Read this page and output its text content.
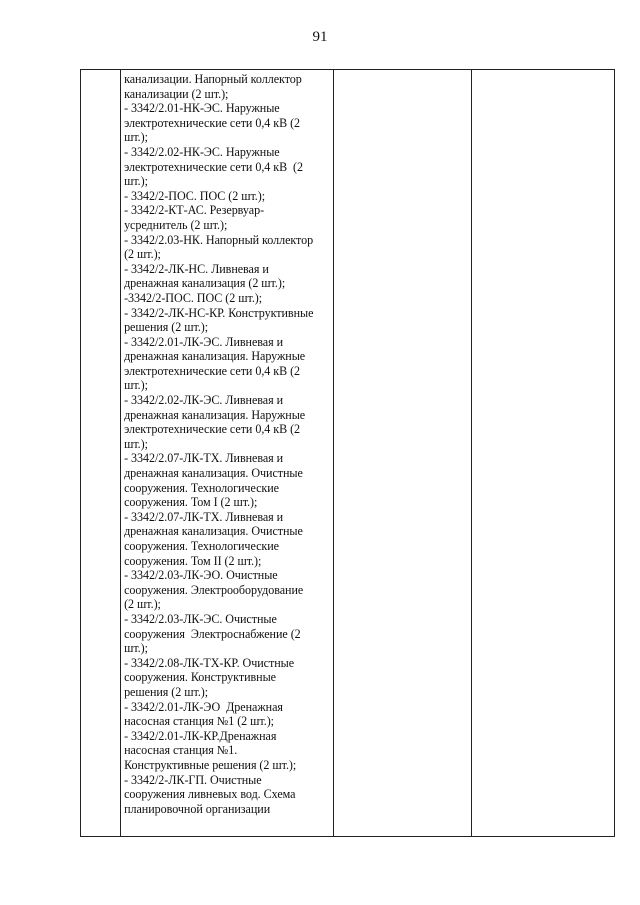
91

канализации. Напорный коллектор
канализации (2 шт.);
- 3342/2.01-НК-ЭС. Наружные
электротехнические сети 0,4 кВ (2
шт.);
- 3342/2.02-НК-ЭС. Наружные
электротехнические сети 0,4 кВ  (2
шт.);
- 3342/2-ПОС. ПОС (2 шт.);
- 3342/2-КТ-АС. Резервуар-
усреднитель (2 шт.);
- 3342/2.03-НК. Напорный коллектор
(2 шт.);
- 3342/2-ЛК-НС. Ливневая и
дренажная канализация (2 шт.);
-3342/2-ПОС. ПОС (2 шт.);
- 3342/2-ЛК-НС-КР. Конструктивные
решения (2 шт.);
- 3342/2.01-ЛК-ЭС. Ливневая и
дренажная канализация. Наружные
электротехнические сети 0,4 кВ (2
шт.);
- 3342/2.02-ЛК-ЭС. Ливневая и
дренажная канализация. Наружные
электротехнические сети 0,4 кВ (2
шт.);
- 3342/2.07-ЛК-ТХ. Ливневая и
дренажная канализация. Очистные
сооружения. Технологические
сооружения. Том I (2 шт.);
- 3342/2.07-ЛК-ТХ. Ливневая и
дренажная канализация. Очистные
сооружения. Технологические
сооружения. Том II (2 шт.);
- 3342/2.03-ЛК-ЭО. Очистные
сооружения. Электрооборудование
(2 шт.);
- 3342/2.03-ЛК-ЭС. Очистные
сооружения  Электроснабжение (2
шт.);
- 3342/2.08-ЛК-ТХ-КР. Очистные
сооружения. Конструктивные
решения (2 шт.);
- 3342/2.01-ЛК-ЭО  Дренажная
насосная станция №1 (2 шт.);
- 3342/2.01-ЛК-КР.Дренажная
насосная станция №1.
Конструктивные решения (2 шт.);
- 3342/2-ЛК-ГП. Очистные
сооружения ливневых вод. Схема
планировочной организации
